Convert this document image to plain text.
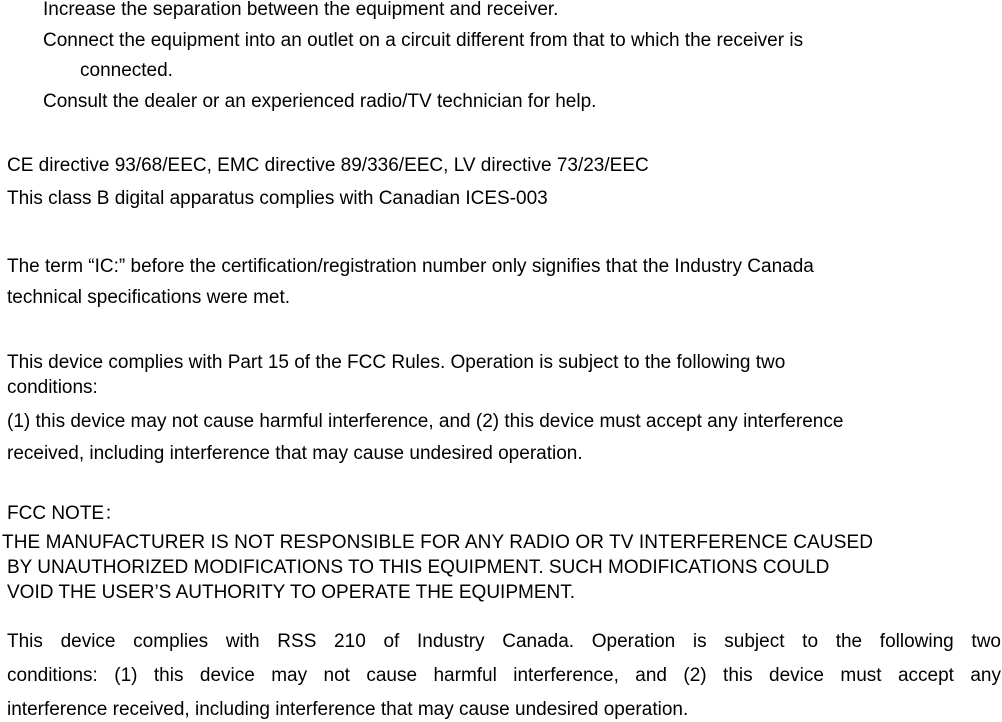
Increase the separation between the equipment and receiver.

Connect the equipment into an outlet on a circuit different from that to which the receiver is

connected.

Consult the dealer or an experienced radio/TV technician for help.

CE directive 93/68/EEC, EMC directive 89/336/EEC, LV directive 73/23/EEC

This class B digital apparatus complies with Canadian ICES-003

The term “IC:” before the certification/registration number only signifies that the Industry Canada

technical specifications were met.

This device complies with Part 15 of the FCC Rules. Operation is subject to the following two

conditions:

(1) this device may not cause harmful interference, and (2) this device must accept any interference

received, including interference that may cause undesired operation.

FCC NOTE：

THE MANUFACTURER IS NOT RESPONSIBLE FOR ANY RADIO OR TV INTERFERENCE CAUSED

BY UNAUTHORIZED MODIFICATIONS TO THIS EQUIPMENT. SUCH MODIFICATIONS COULD

VOID THE USER’S AUTHORITY TO OPERATE THE EQUIPMENT.

This device complies with RSS 210 of Industry Canada. Operation is subject to the following two
conditions: (1) this device may not cause harmful interference, and (2) this device must accept any
interference received, including interference that may cause undesired operation.
